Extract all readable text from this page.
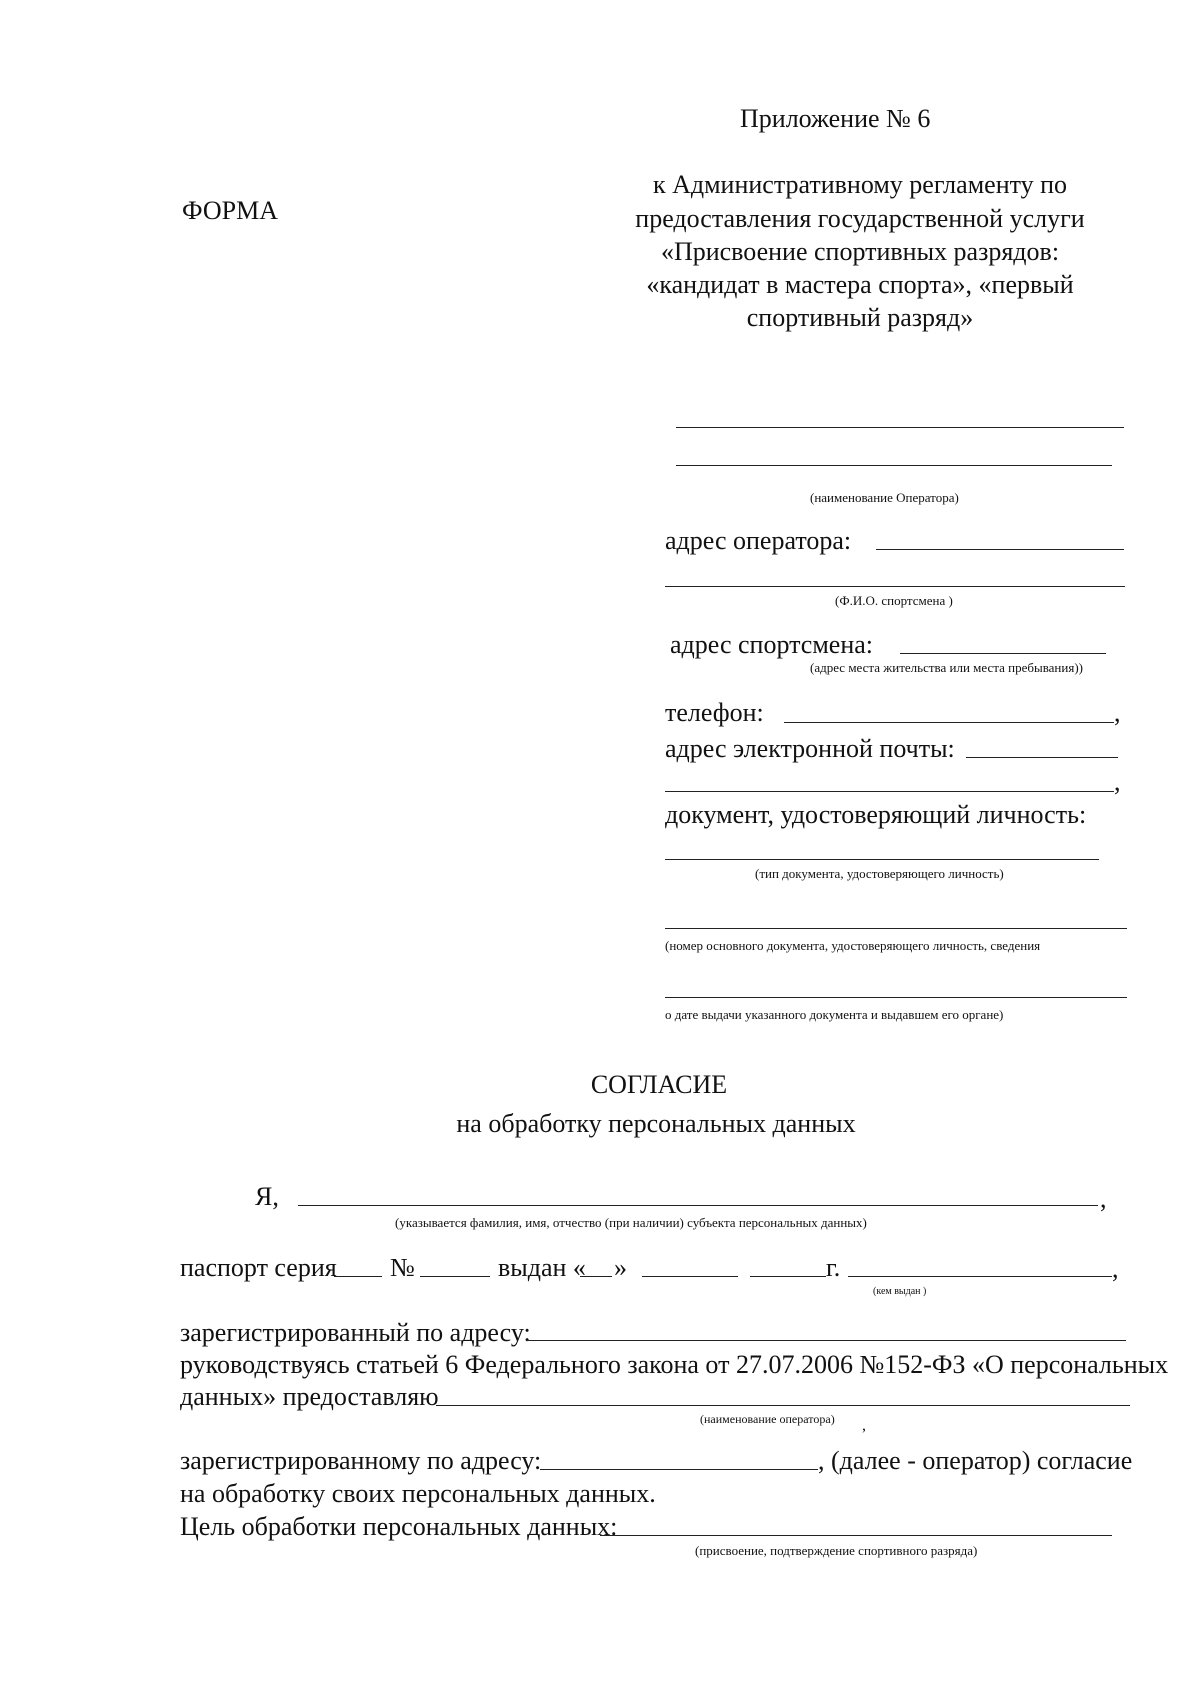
Приложение № 6
ФОРМА
к Административному регламенту по
предоставления государственной услуги
«Присвоение спортивных разрядов:
«кандидат в мастера спорта», «первый
спортивный разряд»
(наименование Оператора)
адрес оператора:
(Ф.И.О. спортсмена )
адрес спортсмена:
(адрес места жительства или места пребывания))
телефон:	,
адрес электронной почты:
,
документ, удостоверяющий личность:
(тип документа, удостоверяющего личность)
(номер основного документа, удостоверяющего личность, сведения
о дате выдачи указанного документа и выдавшем его органе)
СОГЛАСИЕ
на обработку персональных данных
Я,	,
(указывается фамилия, имя, отчество (при наличии) субъекта персональных данных)
паспорт серия №	выдан « »	г.	,
(кем выдан )
зарегистрированный по адресу:
руководствуясь статьей 6 Федерального закона от 27.07.2006 №152-ФЗ «О персональных
данных» предоставляю
(наименование оператора) ,
зарегистрированному по адресу:	, (далее - оператор) согласие
на обработку своих персональных данных.
Цель обработки персональных данных:
(присвоение, подтверждение спортивного разряда)
